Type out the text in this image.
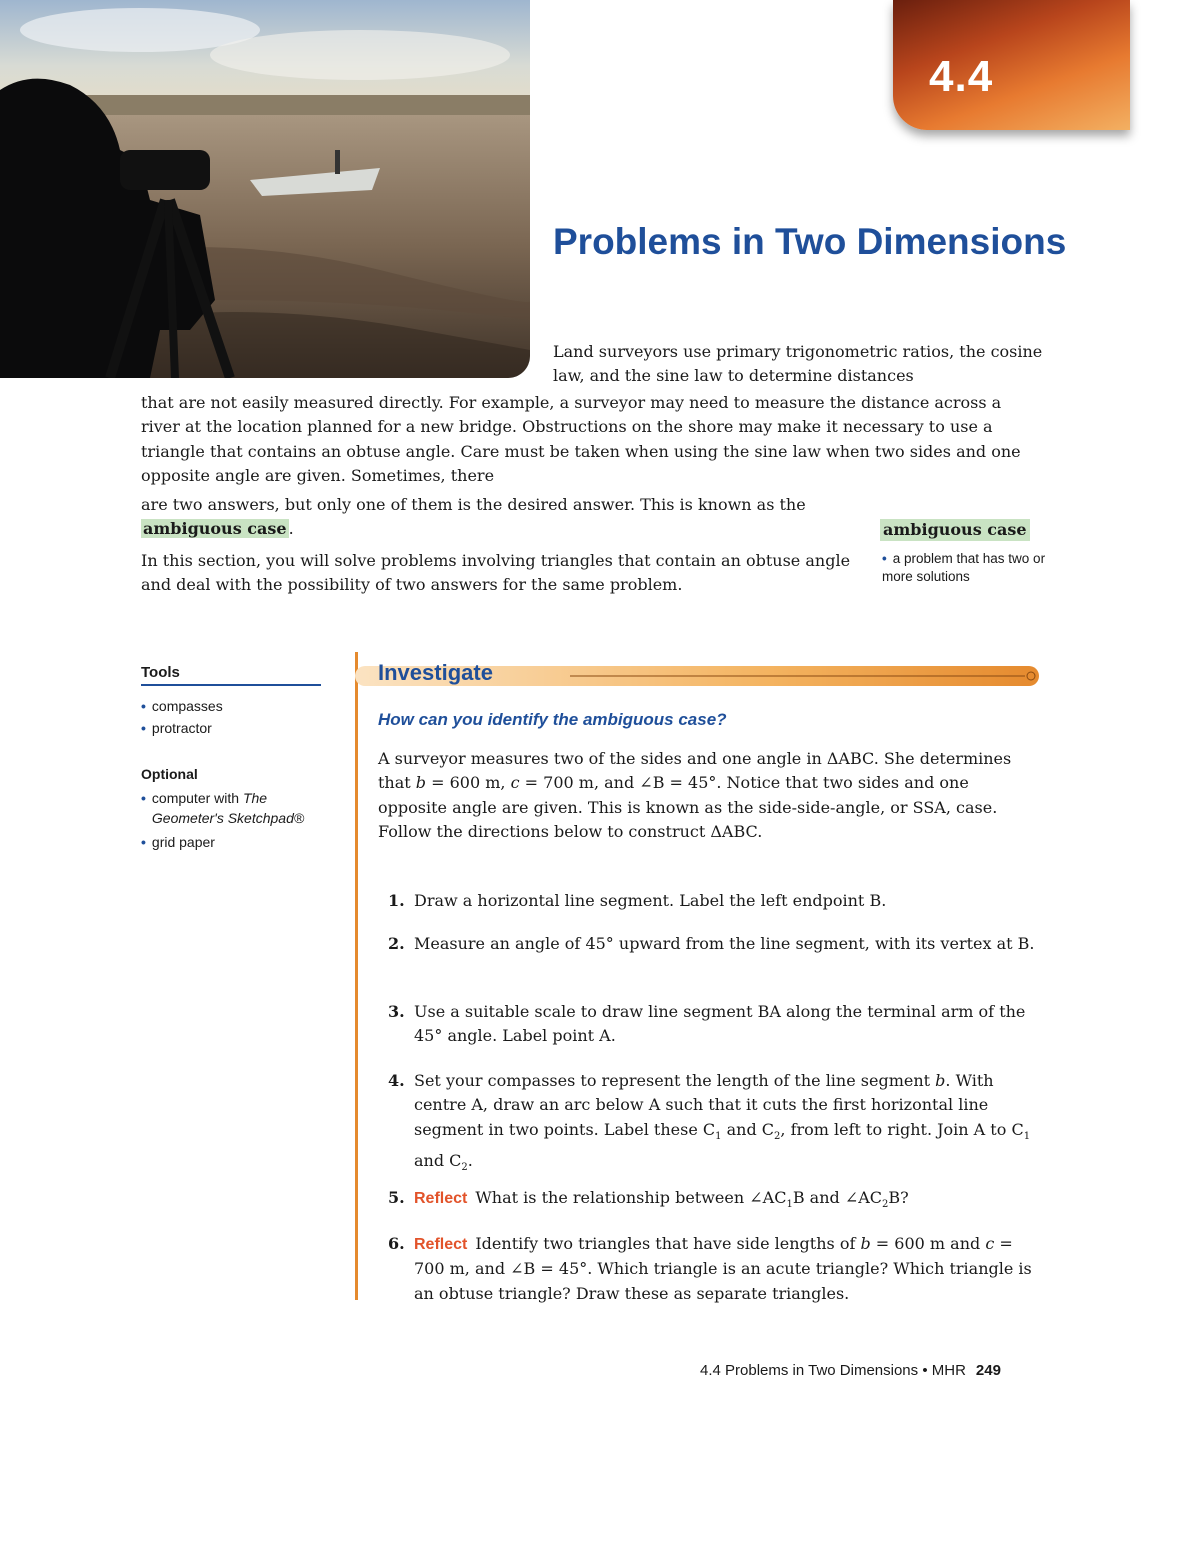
4.4
Problems in Two Dimensions

Land surveyors use primary trigonometric ratios, the cosine law, and the sine law to determine distances

that are not easily measured directly. For example, a surveyor may need to measure the distance across a river at the location planned for a new bridge. Obstructions on the shore may make it necessary to use a triangle that contains an obtuse angle. Care must be taken when using the sine law when two sides and one opposite angle are given. Sometimes, there

are two answers, but only one of them is the desired answer. This is known as the ambiguous case .

In this section, you will solve problems involving triangles that contain an obtuse angle and deal with the possibility of two answers for the same problem.

ambiguous case
• a problem that has two or more solutions
Tools
• compasses
• protractor
Optional
• computer with The Geometer's Sketchpad®
• grid paper
Investigate
How can you identify the ambiguous case?

A surveyor measures two of the sides and one angle in ΔABC. She determines that b = 600 m, c = 700 m, and ∠B = 45°. Notice that two sides and one opposite angle are given. This is known as the side-side-angle, or SSA, case. Follow the directions below to construct ΔABC.

1. Draw a horizontal line segment. Label the left endpoint B.
2. Measure an angle of 45° upward from the line segment, with its vertex at B.
3. Use a suitable scale to draw line segment BA along the terminal arm of the 45° angle. Label point A.
4. Set your compasses to represent the length of the line segment b. With centre A, draw an arc below A such that it cuts the first horizontal line segment in two points. Label these $C_1$ and $C_2$, from left to right. Join A to $C_1$ and $C_2$.
5. Reflect What is the relationship between $\angle AC_1B$ and $\angle AC_2B$?
6. Reflect Identify two triangles that have side lengths of b = 600 m and c = 700 m, and ∠B = 45°. Which triangle is an acute triangle? Which triangle is an obtuse triangle? Draw these as separate triangles.
4.4 Problems in Two Dimensions • MHR 249
